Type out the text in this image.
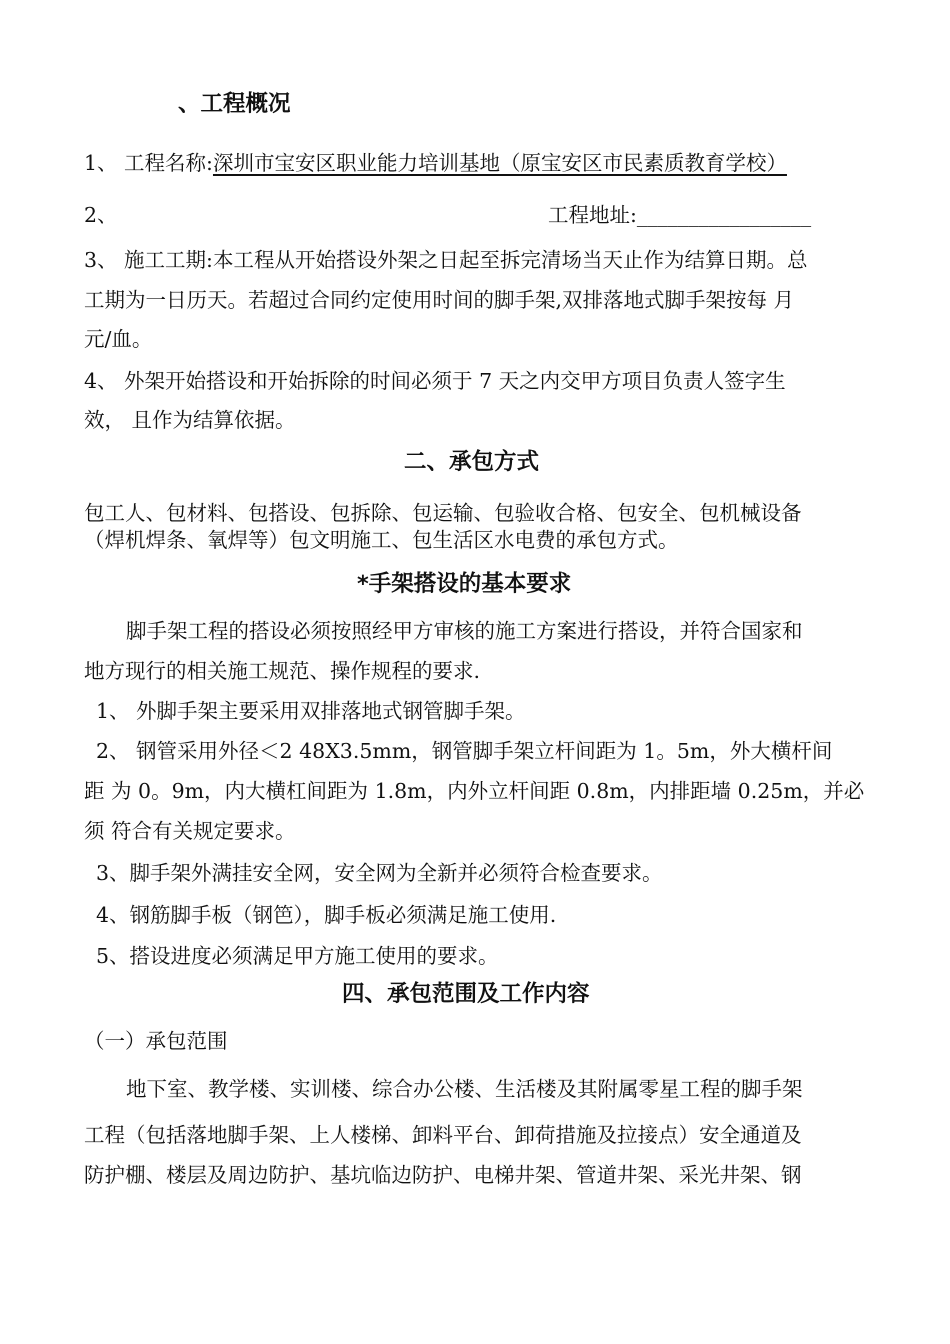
、工程概况
1、 工程名称:深圳市宝安区职业能力培训基地（原宝安区市民素质教育学校）
2、	工程地址:_________________
3、 施工工期:本工程从开始搭设外架之日起至拆完清场当天止作为结算日期。总
工期为一日历天。若超过合同约定使用时间的脚手架,双排落地式脚手架按每 月
元/血。
4、 外架开始搭设和开始拆除的时间必须于 7 天之内交甲方项目负责人签字生
效， 且作为结算依据。
二、承包方式
包工人、包材料、包搭设、包拆除、包运输、包验收合格、包安全、包机械设备
（焊机焊条、氧焊等）包文明施工、包生活区水电费的承包方式。
*手架搭设的基本要求
脚手架工程的搭设必须按照经甲方审核的施工方案进行搭设，并符合国家和
地方现行的相关施工规范、操作规程的要求.
1、 外脚手架主要采用双排落地式钢管脚手架。
2、 钢管采用外径＜2 48X3.5mm，钢管脚手架立杆间距为 1。5m，外大横杆间
距 为 0。9m，内大横杠间距为 1.8m，内外立杆间距 0.8m，内排距墙 0.25m，并必
须 符合有关规定要求。
3、脚手架外满挂安全网，安全网为全新并必须符合检查要求。
4、钢筋脚手板（钢笆），脚手板必须满足施工使用.
5、搭设进度必须满足甲方施工使用的要求。
四、承包范围及工作内容
（一）承包范围
地下室、教学楼、实训楼、综合办公楼、生活楼及其附属零星工程的脚手架
工程（包括落地脚手架、上人楼梯、卸料平台、卸荷措施及拉接点）安全通道及
防护棚、楼层及周边防护、基坑临边防护、电梯井架、管道井架、采光井架、钢
